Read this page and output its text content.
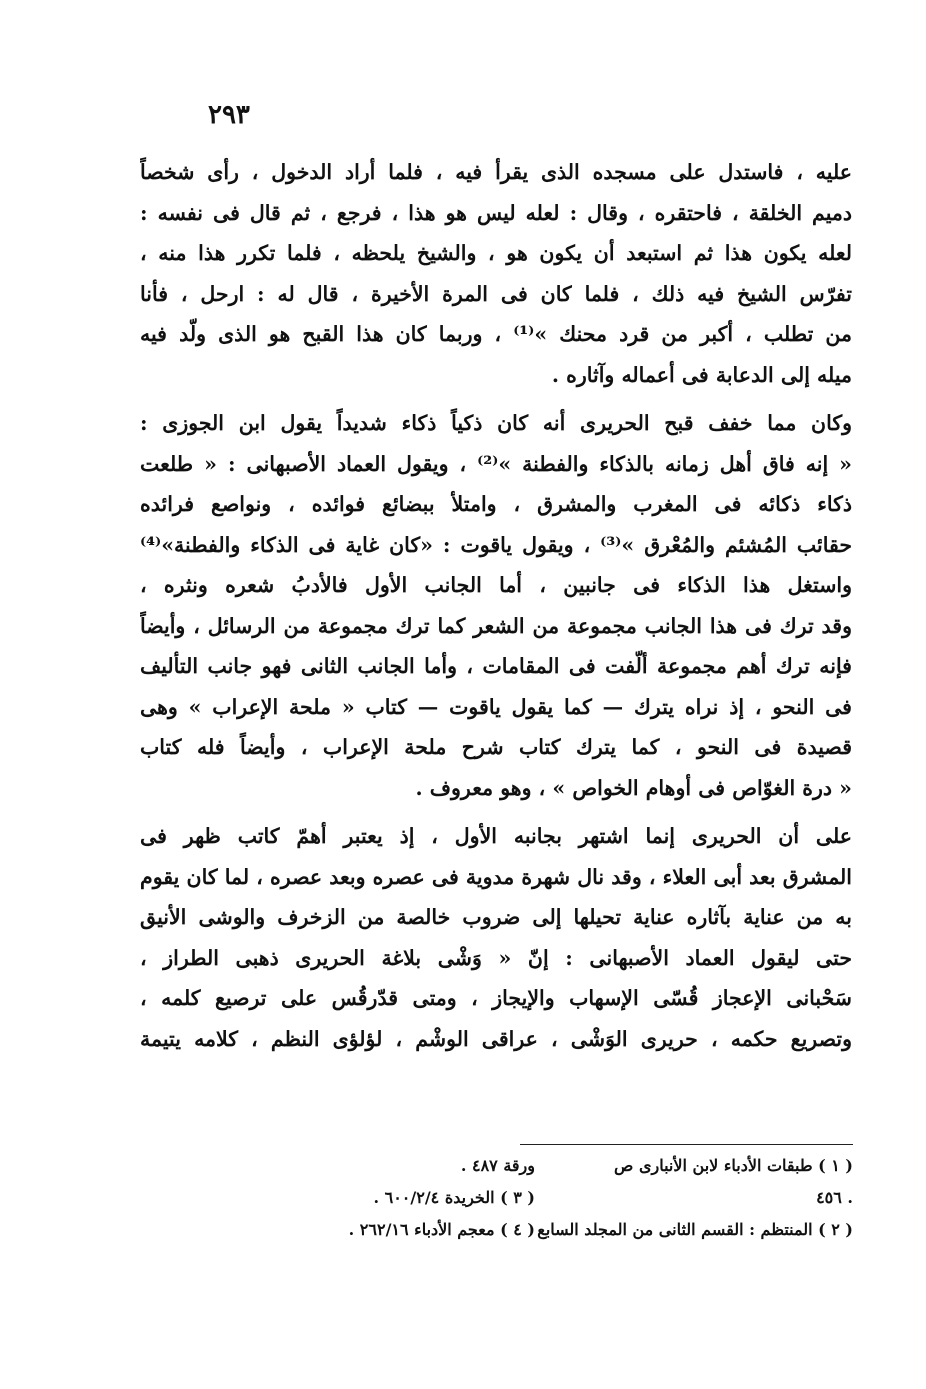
٢٩٣
عليه ، فاستدل على مسجده الذى يقرأ فيه ، فلما أراد الدخول ، رأى شخصاً
دميم الخلقة ، فاحتقره ، وقال : لعله ليس هو هذا ، فرجع ، ثم قال فى نفسه :
لعله يكون هذا ثم استبعد أن يكون هو ، والشيخ يلحظه ، فلما تكرر هذا منه ،
تفرّس الشيخ فيه ذلك ، فلما كان فى المرة الأخيرة ، قال له : ارحل ، فأنا
من تطلب ، أكبر من قرد محنك »⁽¹⁾ ، وربما كان هذا القبح هو الذى ولّد فيه
ميله إلى الدعابة فى أعماله وآثاره .
وكان مما خفف قبح الحريرى أنه كان ذكياً ذكاء شديداً يقول ابن الجوزى :
« إنه فاق أهل زمانه بالذكاء والفطنة »⁽²⁾ ، ويقول العماد الأصبهانى : « طلعت
ذكاء ذكائه فى المغرب والمشرق ، وامتلأ ببضائع فوائده ، ونواصع فرائده
حقائب المُشئم والمُعْرق »⁽³⁾ ، ويقول ياقوت : «كان غاية فى الذكاء والفطنة»⁽⁴⁾
واستغل هذا الذكاء فى جانبين ، أما الجانب الأول فالأدبُ شعره ونثره ،
وقد ترك فى هذا الجانب مجموعة من الشعر كما ترك مجموعة من الرسائل ، وأيضاً
فإنه ترك أهم مجموعة ألّفت فى المقامات ، وأما الجانب الثانى فهو جانب التأليف
فى النحو ، إذ نراه يترك — كما يقول ياقوت — كتاب « ملحة الإعراب » وهى
قصيدة فى النحو ، كما يترك كتاب شرح ملحة الإعراب ، وأيضاً فله كتاب
« درة الغوّاص فى أوهام الخواص » ، وهو معروف .
على أن الحريرى إنما اشتهر بجانبه الأول ، إذ يعتبر أهمّ كاتب ظهر فى
المشرق بعد أبى العلاء ، وقد نال شهرة مدوية فى عصره وبعد عصره ، لما كان يقوم
به من عناية بآثاره عناية تحيلها إلى ضروب خالصة من الزخرف والوشى الأنيق
حتى ليقول العماد الأصبهانى : إنّ « وَشْى بلاغة الحريرى ذهبى الطراز ،
سَحْبانى الإعجاز قُسّى الإسهاب والإيجاز ، ومتى قدّرقُس على ترصيع كلمه ،
وتصريع حكمه ، حريرى الوَشْى ، عراقى الوشْم ، لؤلؤى النظم ، كلامه يتيمة
( ١ ) طبقات الأدباء لابن الأنبارى ص
ورقة ٤٨٧ .
. ٤٥٦
( ٣ ) الخريدة ٦٠٠/٢/٤ .
( ٢ ) المنتظم : القسم الثانى من المجلد السابع
( ٤ ) معجم الأدباء ٢٦٢/١٦ .
